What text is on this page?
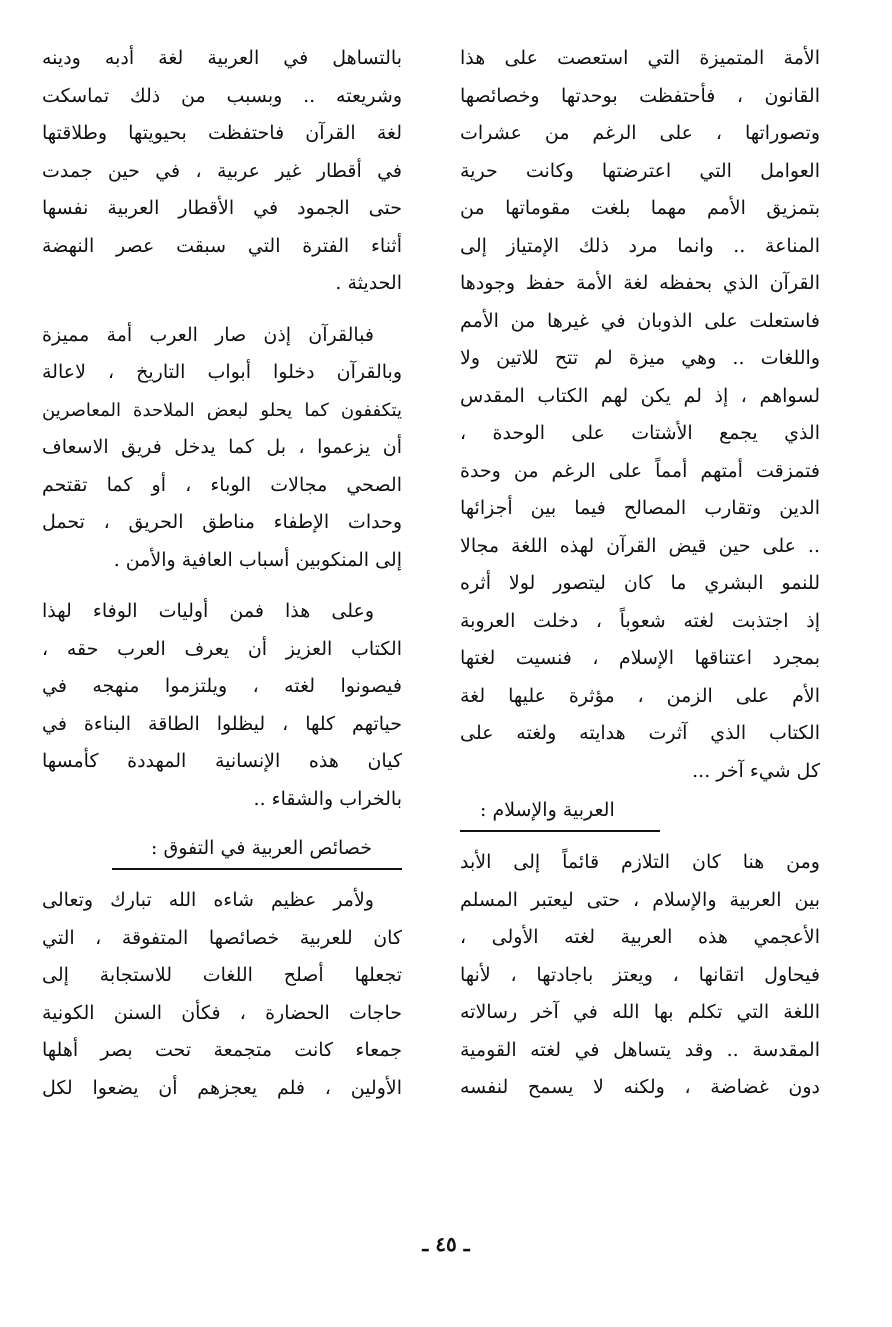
الأمة المتميزة التي استعصت على هذا
القانون ، فأحتفظت بوحدتها وخصائصها
وتصوراتها ، على الرغم من عشرات
العوامل التي اعترضتها وكانت حرية
بتمزيق الأمم مهما بلغت مقوماتها من
المناعة .. وانما مرد ذلك الإمتياز إلى
القرآن الذي بحفظه لغة الأمة حفظ وجودها
فاستعلت على الذوبان في غيرها من الأمم
واللغات .. وهي ميزة لم تتح للاتين ولا
لسواهم ، إذ لم يكن لهم الكتاب المقدس
الذي يجمع الأشتات على الوحدة ،
فتمزقت أمتهم أمماً على الرغم من وحدة
الدين وتقارب المصالح فيما بين أجزائها
.. على حين قيض القرآن لهذه اللغة مجالا
للنمو البشري ما كان ليتصور لولا أثره
إذ اجتذبت لغته شعوباً ، دخلت العروبة
بمجرد اعتناقها الإسلام ، فنسيت لغتها
الأم على الزمن ، مؤثرة عليها لغة
الكتاب الذي آثرت هدايته ولغته على
كل شيء آخر ...
العربية والإسلام :
ومن هنا كان التلازم قائماً إلى الأبد
بين العربية والإسلام ، حتى ليعتبر المسلم
الأعجمي هذه العربية لغته الأولى ،
فيحاول اتقانها ، ويعتز باجادتها ، لأنها
اللغة التي تكلم بها الله في آخر رسالاته
المقدسة .. وقد يتساهل في لغته القومية
دون غضاضة ، ولكنه لا يسمح لنفسه
بالتساهل في العربية لغة أدبه ودينه
وشريعته .. وبسبب من ذلك تماسكت
لغة القرآن فاحتفظت بحيويتها وطلاقتها
في أقطار غير عربية ، في حين جمدت
حتى الجمود في الأقطار العربية نفسها
أثناء الفترة التي سبقت عصر النهضة
الحديثة .
فبالقرآن إذن صار العرب أمة مميزة
وبالقرآن دخلوا أبواب التاريخ ، لاعالة
يتكففون كما يحلو لبعض الملاحدة المعاصرين
أن يزعموا ، بل كما يدخل فريق الاسعاف
الصحي مجالات الوباء ، أو كما تقتحم
وحدات الإطفاء مناطق الحريق ، تحمل
إلى المنكوبين أسباب العافية والأمن .
وعلى هذا فمن أوليات الوفاء لهذا
الكتاب العزيز أن يعرف العرب حقه ،
فيصونوا لغته ، ويلتزموا منهجه في
حياتهم كلها ، ليظلوا الطاقة البناءة في
كيان هذه الإنسانية المهددة كأمسها
بالخراب والشقاء ..
خصائص العربية في التفوق :
ولأمر عظيم شاءه الله تبارك وتعالى
كان للعربية خصائصها المتفوقة ، التي
تجعلها أصلح اللغات للاستجابة إلى
حاجات الحضارة ، فكأن السنن الكونية
جمعاء كانت متجمعة تحت بصر أهلها
الأولين ، فلم يعجزهم أن يضعوا لكل
ـ ٤٥ ـ
